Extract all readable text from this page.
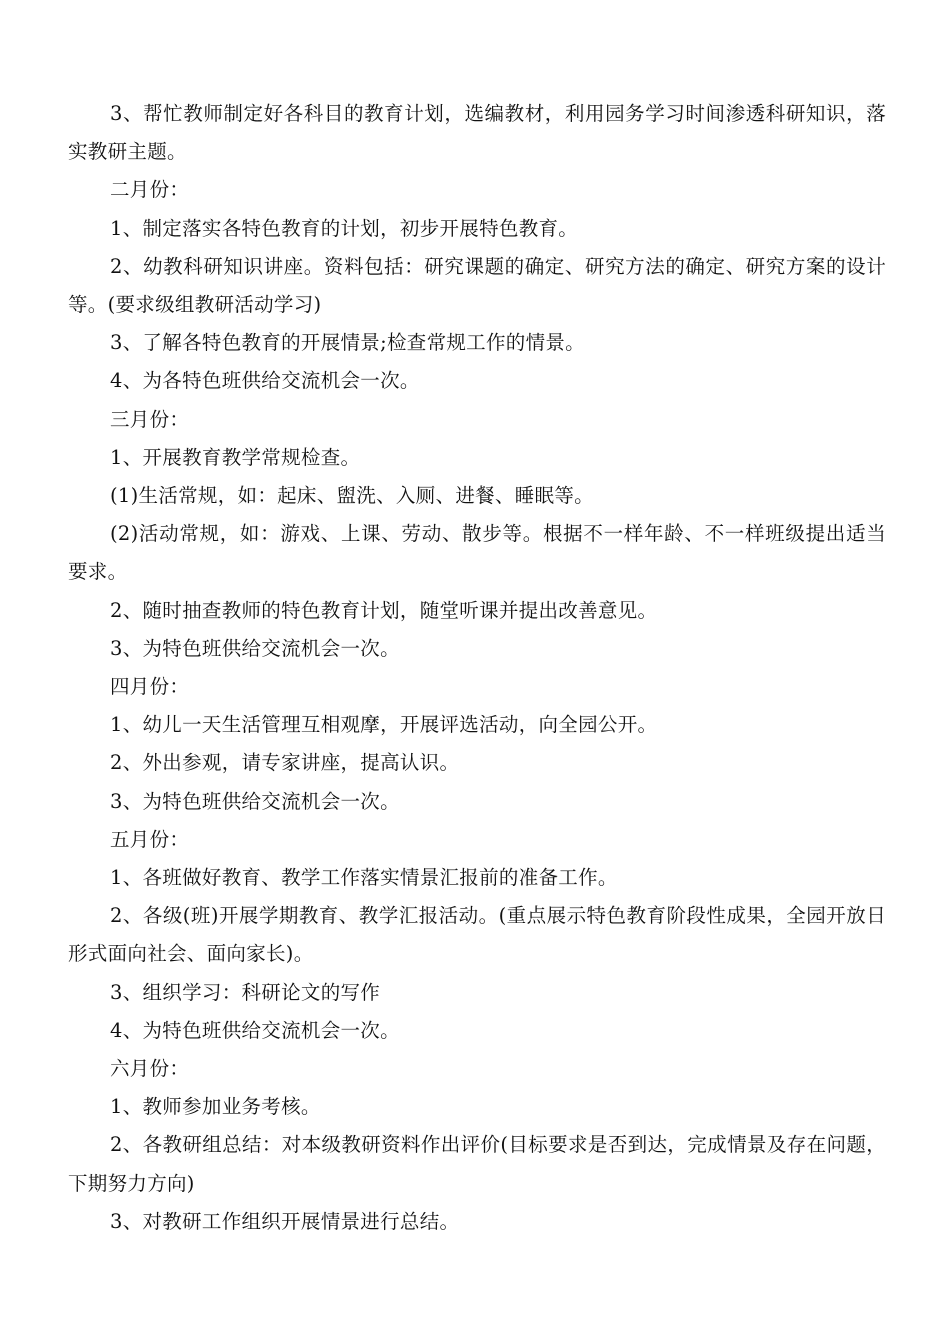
3、帮忙教师制定好各科目的教育计划，选编教材，利用园务学习时间渗透科研知识，落实教研主题。

二月份：

1、制定落实各特色教育的计划，初步开展特色教育。

2、幼教科研知识讲座。资料包括：研究课题的确定、研究方法的确定、研究方案的设计等。(要求级组教研活动学习)

3、了解各特色教育的开展情景;检查常规工作的情景。

4、为各特色班供给交流机会一次。

三月份：

1、开展教育教学常规检查。

(1)生活常规，如：起床、盥洗、入厕、进餐、睡眠等。

(2)活动常规，如：游戏、上课、劳动、散步等。根据不一样年龄、不一样班级提出适当要求。

2、随时抽查教师的特色教育计划，随堂听课并提出改善意见。

3、为特色班供给交流机会一次。

四月份：

1、幼儿一天生活管理互相观摩，开展评选活动，向全园公开。

2、外出参观，请专家讲座，提高认识。

3、为特色班供给交流机会一次。

五月份：

1、各班做好教育、教学工作落实情景汇报前的准备工作。

2、各级(班)开展学期教育、教学汇报活动。(重点展示特色教育阶段性成果，全园开放日形式面向社会、面向家长)。

3、组织学习：科研论文的写作

4、为特色班供给交流机会一次。

六月份：

1、教师参加业务考核。

2、各教研组总结：对本级教研资料作出评价(目标要求是否到达，完成情景及存在问题，下期努力方向)

3、对教研工作组织开展情景进行总结。
